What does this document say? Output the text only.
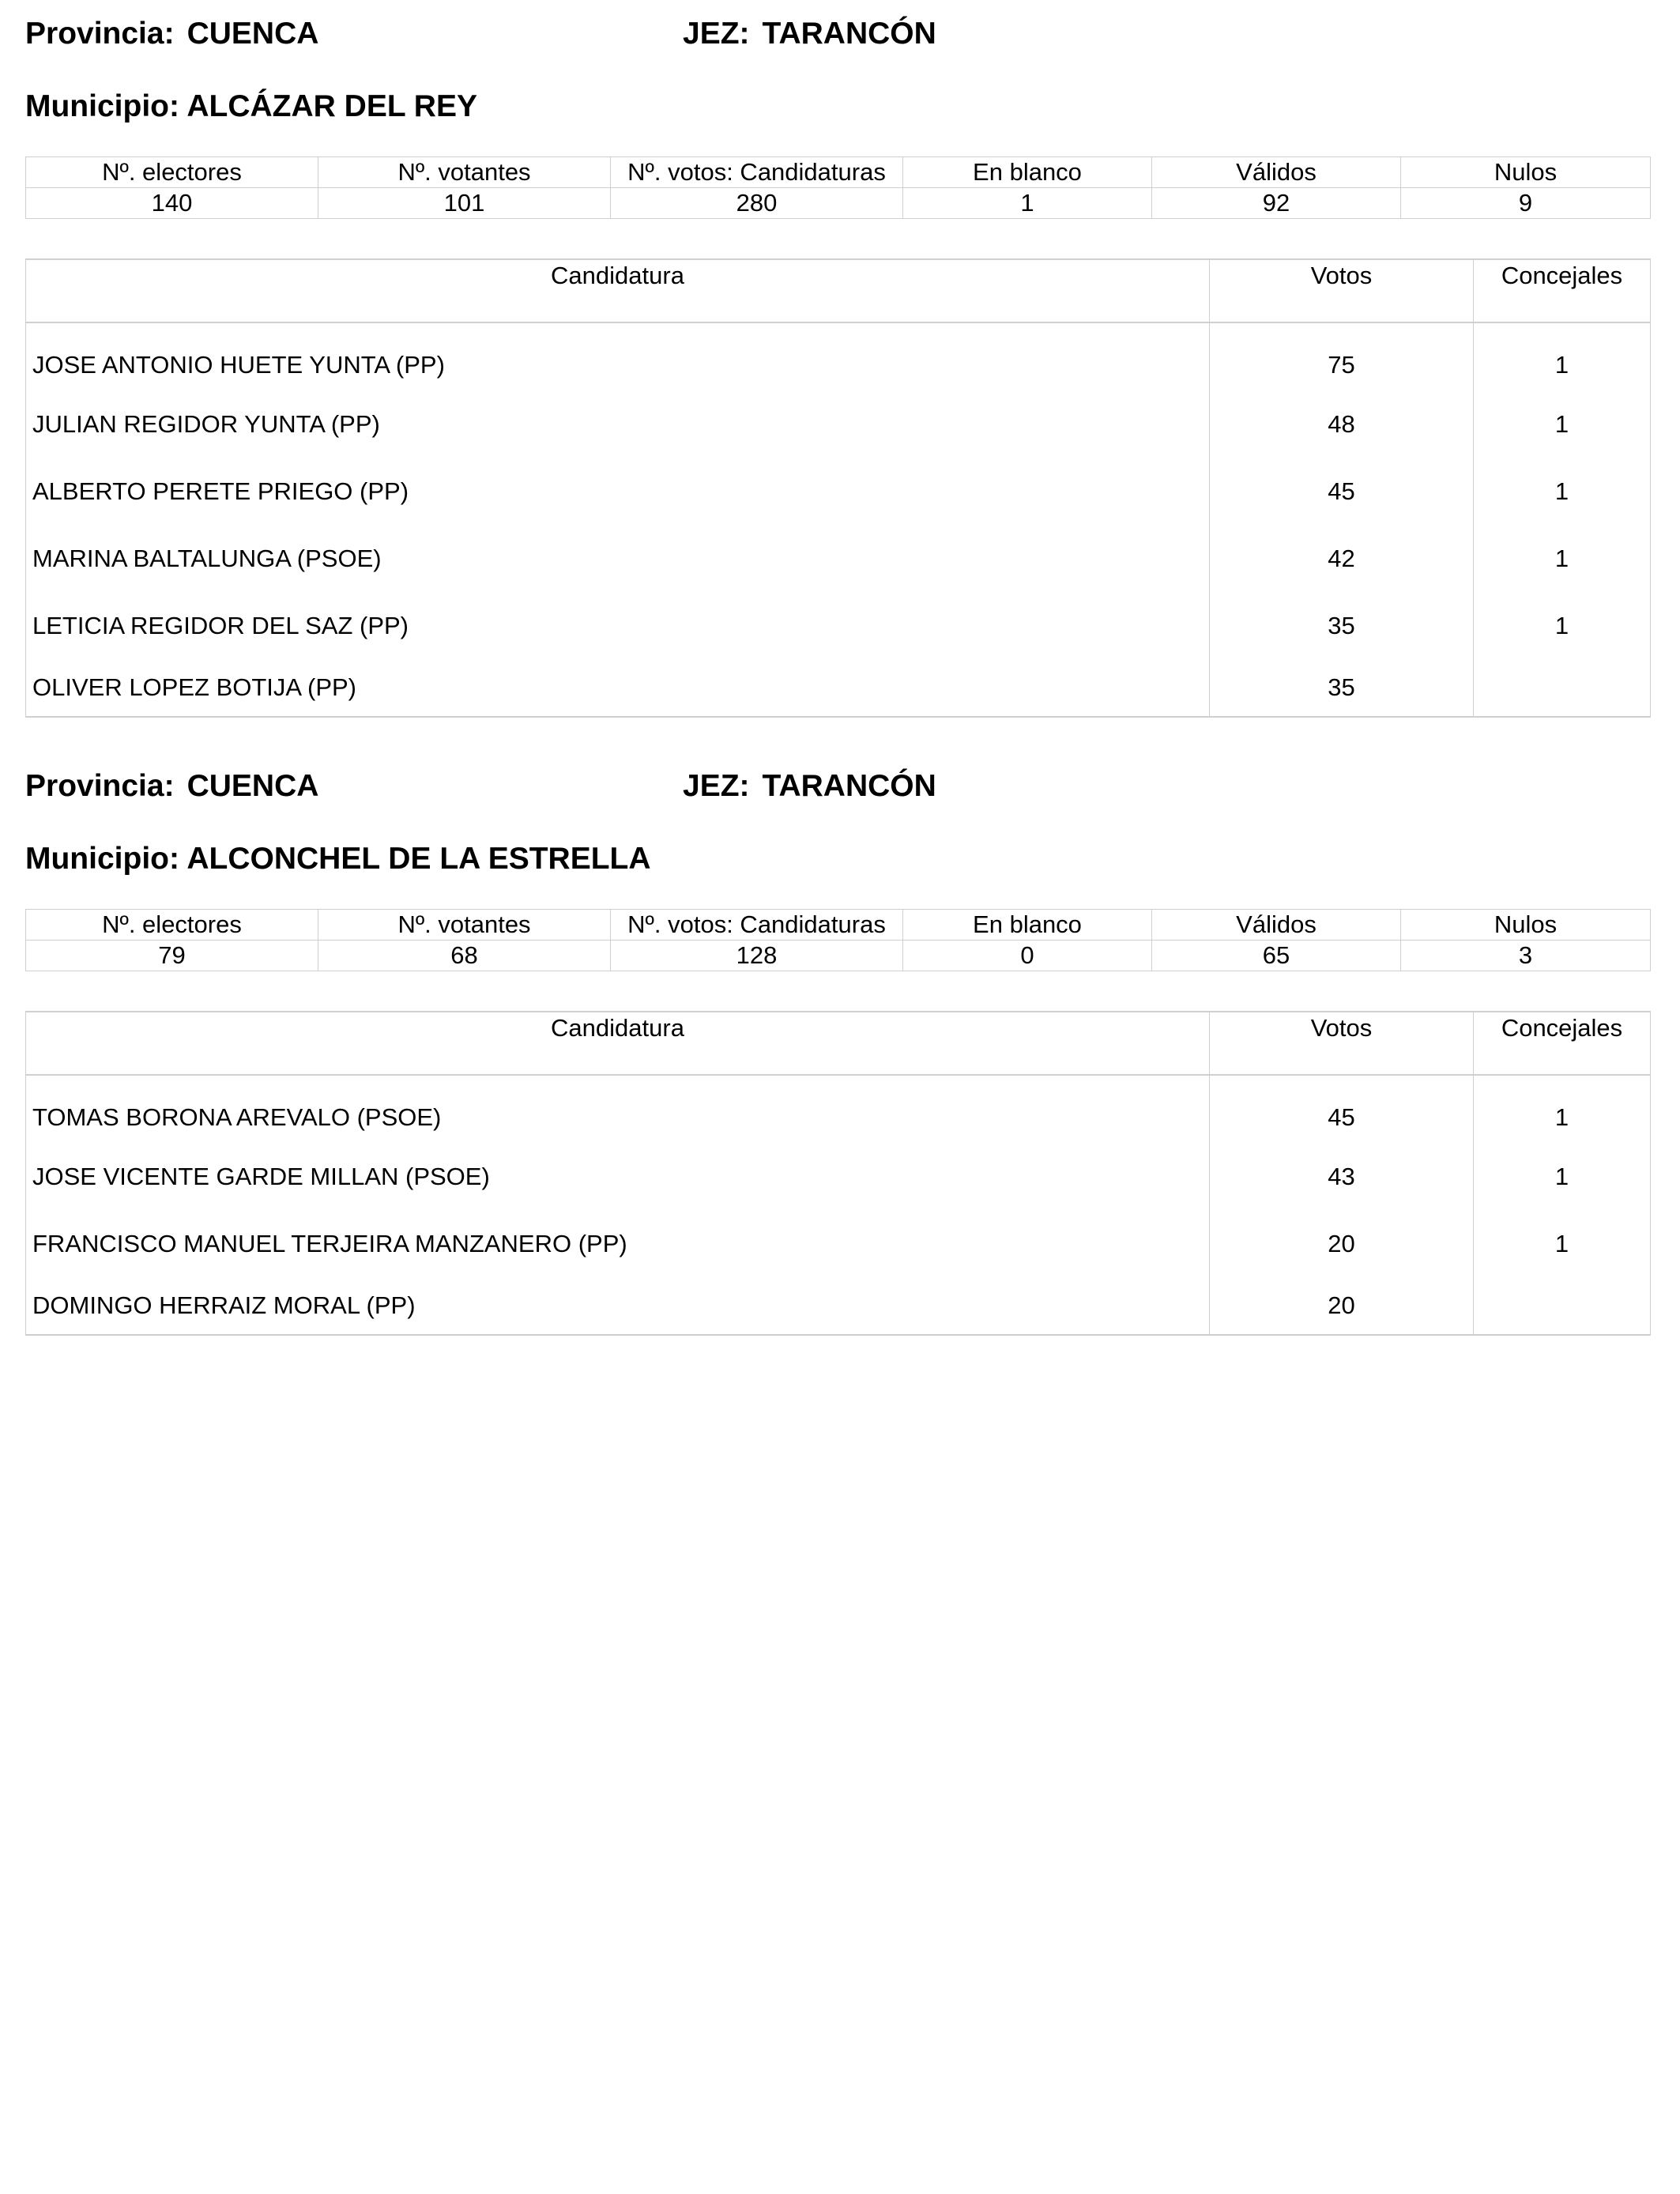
Provincia: CUENCA	JEZ: TARANCÓN
Municipio: ALCÁZAR DEL REY
Nº. electores	Nº. votantes	Nº. votos: Candidaturas	En blanco	Válidos	Nulos
140	101	280	1	92	9
Candidatura	Votos	Concejales
JOSE ANTONIO HUETE YUNTA (PP)	75	1
JULIAN REGIDOR YUNTA (PP)	48	1
ALBERTO PERETE PRIEGO (PP)	45	1
MARINA BALTALUNGA (PSOE)	42	1
LETICIA REGIDOR DEL SAZ (PP)	35	1
OLIVER LOPEZ BOTIJA (PP)	35	
Provincia: CUENCA	JEZ: TARANCÓN
Municipio: ALCONCHEL DE LA ESTRELLA
Nº. electores	Nº. votantes	Nº. votos: Candidaturas	En blanco	Válidos	Nulos
79	68	128	0	65	3
Candidatura	Votos	Concejales
TOMAS BORONA AREVALO (PSOE)	45	1
JOSE VICENTE GARDE MILLAN (PSOE)	43	1
FRANCISCO MANUEL TERJEIRA MANZANERO (PP)	20	1
DOMINGO HERRAIZ MORAL (PP)	20	
